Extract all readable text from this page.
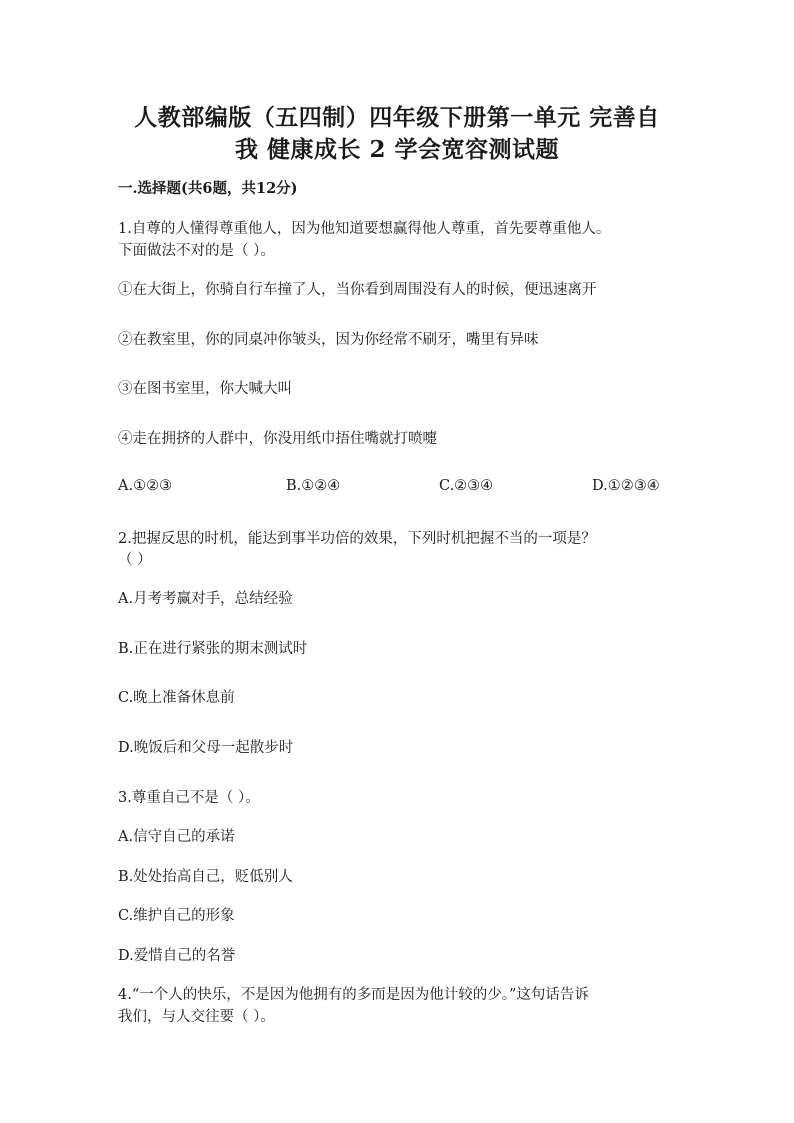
人教部编版（五四制）四年级下册第一单元 完善自
我 健康成长 2 学会宽容测试题
一.选择题(共6题，共12分)
1.自尊的人懂得尊重他人，因为他知道要想赢得他人尊重，首先要尊重他人。
下面做法不对的是（ ）。
①在大街上，你骑自行车撞了人，当你看到周围没有人的时候，便迅速离开
②在教室里，你的同桌冲你皱头，因为你经常不刷牙，嘴里有异味
③在图书室里，你大喊大叫
④走在拥挤的人群中，你没用纸巾捂住嘴就打喷嚏
A.①②③	B.①②④	C.②③④	D.①②③④
2.把握反思的时机，能达到事半功倍的效果，下列时机把握不当的一项是？
（ ）
A.月考考赢对手，总结经验
B.正在进行紧张的期末测试时
C.晚上准备休息前
D.晚饭后和父母一起散步时
3.尊重自己不是（ ）。
A.信守自己的承诺
B.处处抬高自己，贬低别人
C.维护自己的形象
D.爱惜自己的名誉
4.“一个人的快乐，不是因为他拥有的多而是因为他计较的少。”这句话告诉
我们，与人交往要（ ）。
